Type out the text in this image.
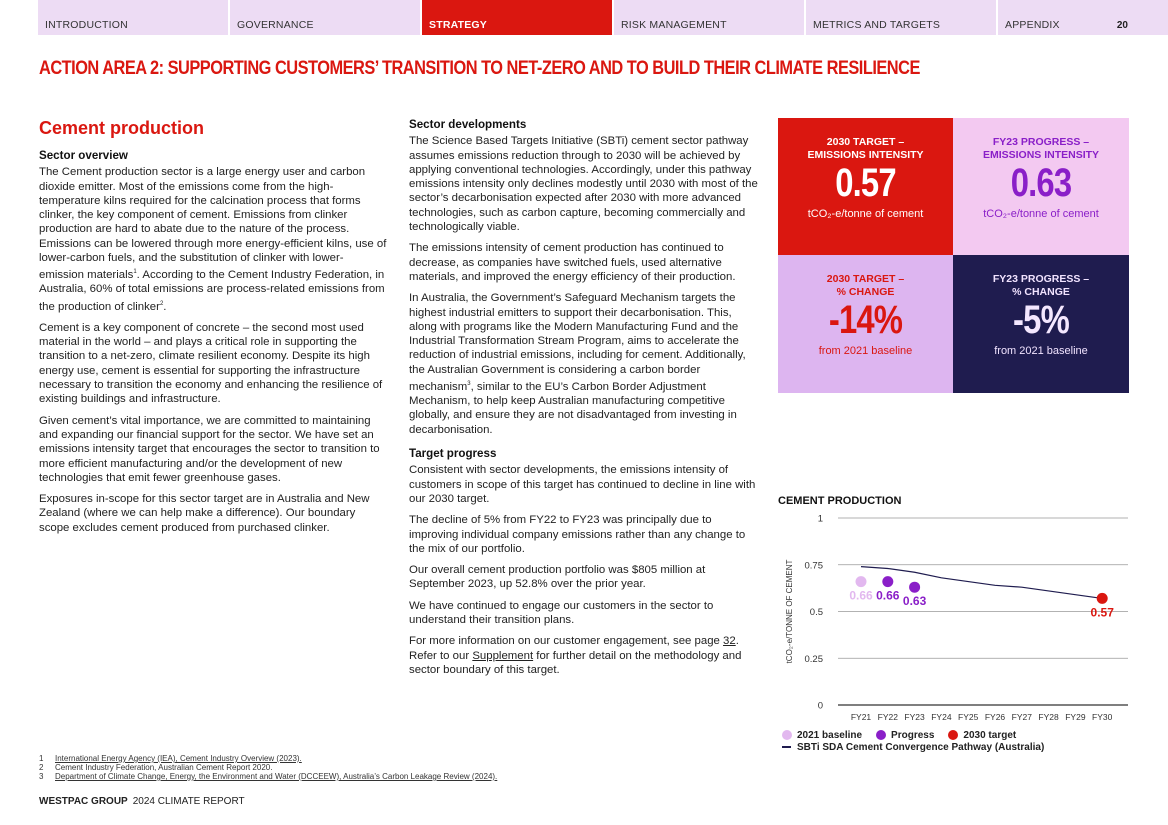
INTRODUCTION	GOVERNANCE	STRATEGY	RISK MANAGEMENT	METRICS AND TARGETS	APPENDIX	20
ACTION AREA 2: SUPPORTING CUSTOMERS’ TRANSITION TO NET-ZERO AND TO BUILD THEIR CLIMATE RESILIENCE
Cement production
Sector overview

The Cement production sector is a large energy user and carbon dioxide emitter. Most of the emissions come from the high-temperature kilns required for the calcination process that forms clinker, the key component of cement. Emissions from clinker production are hard to abate due to the nature of the process. Emissions can be lowered through more energy-efficient kilns, use of lower-carbon fuels, and the substitution of clinker with lower-emission materials$^1$. According to the Cement Industry Federation, in Australia, 60% of total emissions are process-related emissions from the production of clinker$^2$.

Cement is a key component of concrete – the second most used material in the world – and plays a critical role in supporting the transition to a net-zero, climate resilient economy. Despite its high energy use, cement is essential for supporting the infrastructure necessary to transition the economy and enhancing the resilience of existing buildings and infrastructure.

Given cement’s vital importance, we are committed to maintaining and expanding our financial support for the sector. We have set an emissions intensity target that encourages the sector to transition to more efficient manufacturing and/or the development of new technologies that emit fewer greenhouse gases.

Exposures in-scope for this sector target are in Australia and New Zealand (where we can help make a difference). Our boundary scope excludes cement produced from purchased clinker.

Sector developments

The Science Based Targets Initiative (SBTi) cement sector pathway assumes emissions reduction through to 2030 will be achieved by applying conventional technologies. Accordingly, under this pathway emissions intensity only declines modestly until 2030 with most of the sector’s decarbonisation expected after 2030 with more advanced technologies, such as carbon capture, becoming commercially and technologically viable.

The emissions intensity of cement production has continued to decrease, as companies have switched fuels, used alternative materials, and improved the energy efficiency of their production.

In Australia, the Government’s Safeguard Mechanism targets the highest industrial emitters to support their decarbonisation. This, along with programs like the Modern Manufacturing Fund and the Industrial Transformation Stream Program, aims to accelerate the reduction of industrial emissions, including for cement. Additionally, the Australian Government is considering a carbon border mechanism$^3$, similar to the EU’s Carbon Border Adjustment Mechanism, to help keep Australian manufacturing competitive globally, and ensure they are not disadvantaged from investing in decarbonisation.

Target progress

Consistent with sector developments, the emissions intensity of customers in scope of this target has continued to decline in line with our 2030 target.

The decline of 5% from FY22 to FY23 was principally due to improving individual company emissions rather than any change to the mix of our portfolio.

Our overall cement production portfolio was $805 million at September 2023, up 52.8% over the prior year.

We have continued to engage our customers in the sector to understand their transition plans.

For more information on our customer engagement, see page 32. Refer to our Supplement for further detail on the methodology and sector boundary of this target.

2030 TARGET –
EMISSIONS INTENSITY
0.57
tCO₂-e/tonne of cement
FY23 PROGRESS –
EMISSIONS INTENSITY
0.63
tCO₂-e/tonne of cement
2030 TARGET –
% CHANGE
-14%
from 2021 baseline
FY23 PROGRESS –
% CHANGE
-5%
from 2021 baseline
CEMENT PRODUCTION
0
0.25
0.5
0.75
1
tCO₂-e/TONNE OF CEMENT
FY21 FY22 FY23 FY24 FY25 FY26 FY27 FY28 FY29 FY30
0.66 0.66 0.63
0.57
2021 baseline	Progress	2030 target
SBTi SDA Cement Convergence Pathway (Australia)
1	International Energy Agency (IEA), Cement Industry Overview (2023).
2	Cement Industry Federation, Australian Cement Report 2020.
3	Department of Climate Change, Energy, the Environment and Water (DCCEEW), Australia’s Carbon Leakage Review (2024).
WESTPAC GROUP 2024 CLIMATE REPORT
